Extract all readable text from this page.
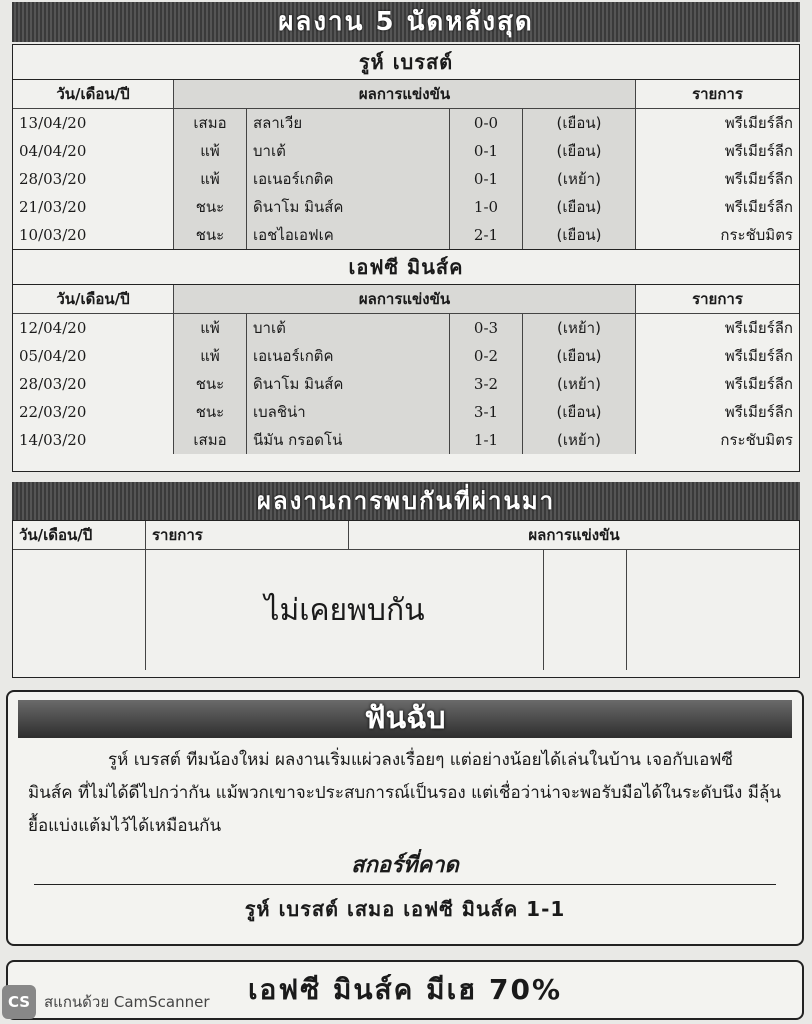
ผลงาน 5 นัดหลังสุด
รูห์ เบรสต์
วัน/เดือน/ปี	ผลการแข่งขัน				รายการ
13/04/20	เสมอ	สลาเวีย	0-0	(เยือน)	พรีเมียร์ลีก
04/04/20	แพ้	บาเต้	0-1	(เยือน)	พรีเมียร์ลีก
28/03/20	แพ้	เอเนอร์เกติค	0-1	(เหย้า)	พรีเมียร์ลีก
21/03/20	ชนะ	ดินาโม มินส์ค	1-0	(เยือน)	พรีเมียร์ลีก
10/03/20	ชนะ	เอชไอเอฟเค	2-1	(เยือน)	กระชับมิตร
เอฟซี มินส์ค
วัน/เดือน/ปี	ผลการแข่งขัน				รายการ
12/04/20	แพ้	บาเต้	0-3	(เหย้า)	พรีเมียร์ลีก
05/04/20	แพ้	เอเนอร์เกติค	0-2	(เยือน)	พรีเมียร์ลีก
28/03/20	ชนะ	ดินาโม มินส์ค	3-2	(เหย้า)	พรีเมียร์ลีก
22/03/20	ชนะ	เบลชิน่า	3-1	(เยือน)	พรีเมียร์ลีก
14/03/20	เสมอ	นีมัน กรอดโน่	1-1	(เหย้า)	กระชับมิตร
ผลงานการพบกันที่ผ่านมา
วัน/เดือน/ปี	รายการ	ผลการแข่งขัน		
	ไม่เคยพบกัน			
ฟันฉับ
รูห์ เบรสต์ ทีมน้องใหม่ ผลงานเริ่มแผ่วลงเรื่อยๆ แต่อย่างน้อยได้เล่นในบ้าน เจอกับเอฟซี มินส์ค ที่ไม่ได้ดีไปกว่ากัน แม้พวกเขาจะประสบการณ์เป็นรอง แต่เชื่อว่าน่าจะพอรับมือได้ในระดับนึง มีลุ้นยื้อแบ่งแต้มไว้ได้เหมือนกัน
สกอร์ที่คาด
รูห์ เบรสต์ เสมอ เอฟซี มินส์ค 1-1
เอฟซี มินส์ค มีเฮ 70%
CS สแกนด้วย CamScanner
